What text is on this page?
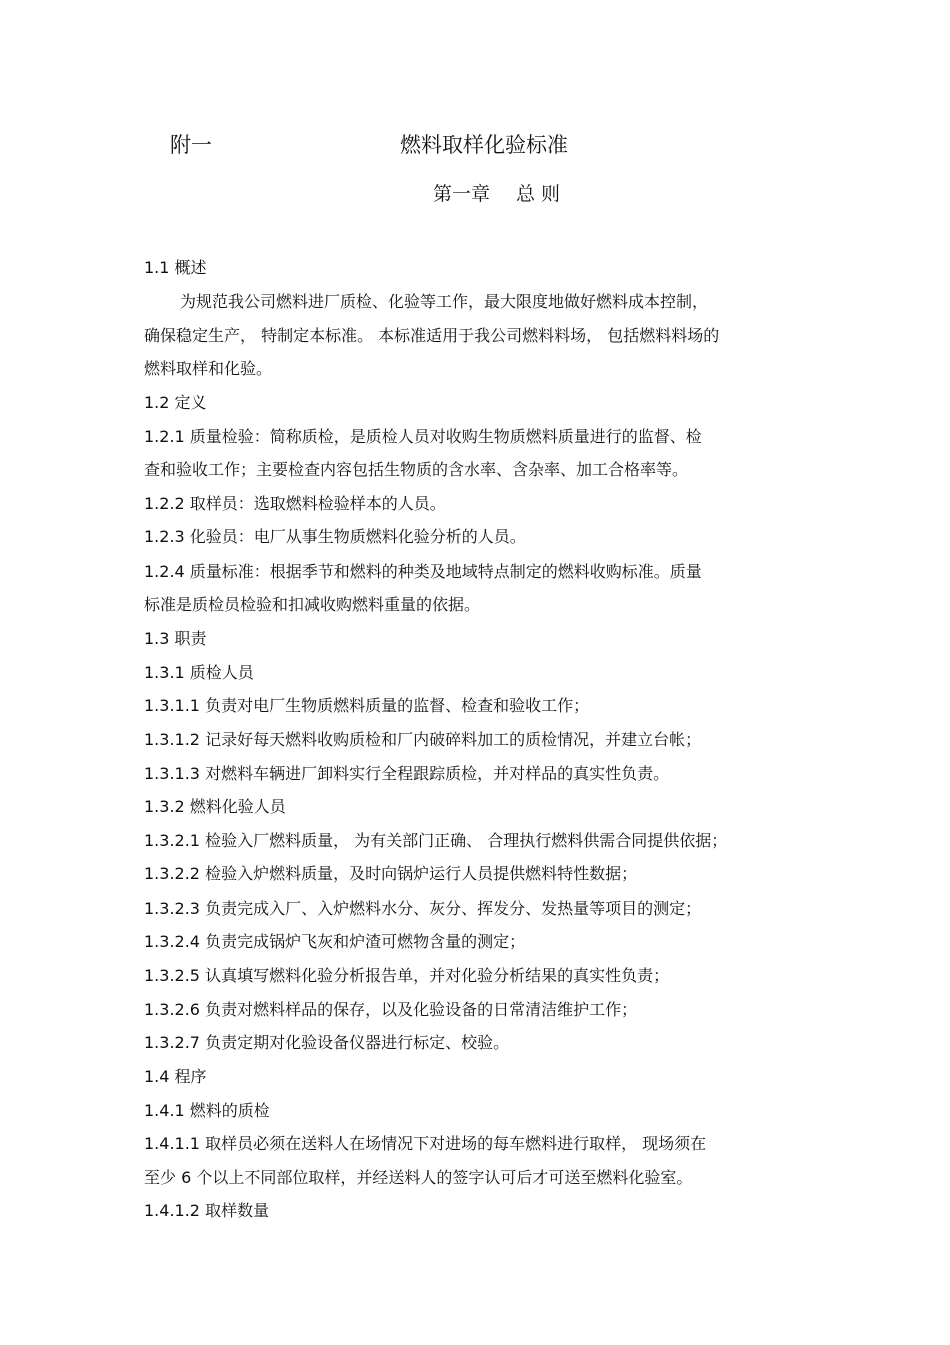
附一	燃料取样化验标准
第一章 总 则
1.1 概述
为规范我公司燃料进厂质检、化验等工作，最大限度地做好燃料成本控制，
确保稳定生产， 特制定本标准。 本标准适用于我公司燃料料场， 包括燃料料场的
燃料取样和化验。
1.2 定义
1.2.1 质量检验：简称质检，是质检人员对收购生物质燃料质量进行的监督、检
查和验收工作；主要检查内容包括生物质的含水率、含杂率、加工合格率等。
1.2.2 取样员：选取燃料检验样本的人员。
1.2.3 化验员：电厂从事生物质燃料化验分析的人员。
1.2.4 质量标准：根据季节和燃料的种类及地域特点制定的燃料收购标准。质量
标准是质检员检验和扣减收购燃料重量的依据。
1.3 职责
1.3.1 质检人员
1.3.1.1 负责对电厂生物质燃料质量的监督、检查和验收工作；
1.3.1.2 记录好每天燃料收购质检和厂内破碎料加工的质检情况，并建立台帐；
1.3.1.3 对燃料车辆进厂卸料实行全程跟踪质检，并对样品的真实性负责。
1.3.2 燃料化验人员
1.3.2.1 检验入厂燃料质量， 为有关部门正确、 合理执行燃料供需合同提供依据；
1.3.2.2 检验入炉燃料质量，及时向锅炉运行人员提供燃料特性数据；
1.3.2.3 负责完成入厂、入炉燃料水分、灰分、挥发分、发热量等项目的测定；
1.3.2.4 负责完成锅炉飞灰和炉渣可燃物含量的测定；
1.3.2.5 认真填写燃料化验分析报告单，并对化验分析结果的真实性负责；
1.3.2.6 负责对燃料样品的保存，以及化验设备的日常清洁维护工作；
1.3.2.7 负责定期对化验设备仪器进行标定、校验。
1.4 程序
1.4.1 燃料的质检
1.4.1.1 取样员必须在送料人在场情况下对进场的每车燃料进行取样， 现场须在
至少 6 个以上不同部位取样，并经送料人的签字认可后才可送至燃料化验室。
1.4.1.2 取样数量
